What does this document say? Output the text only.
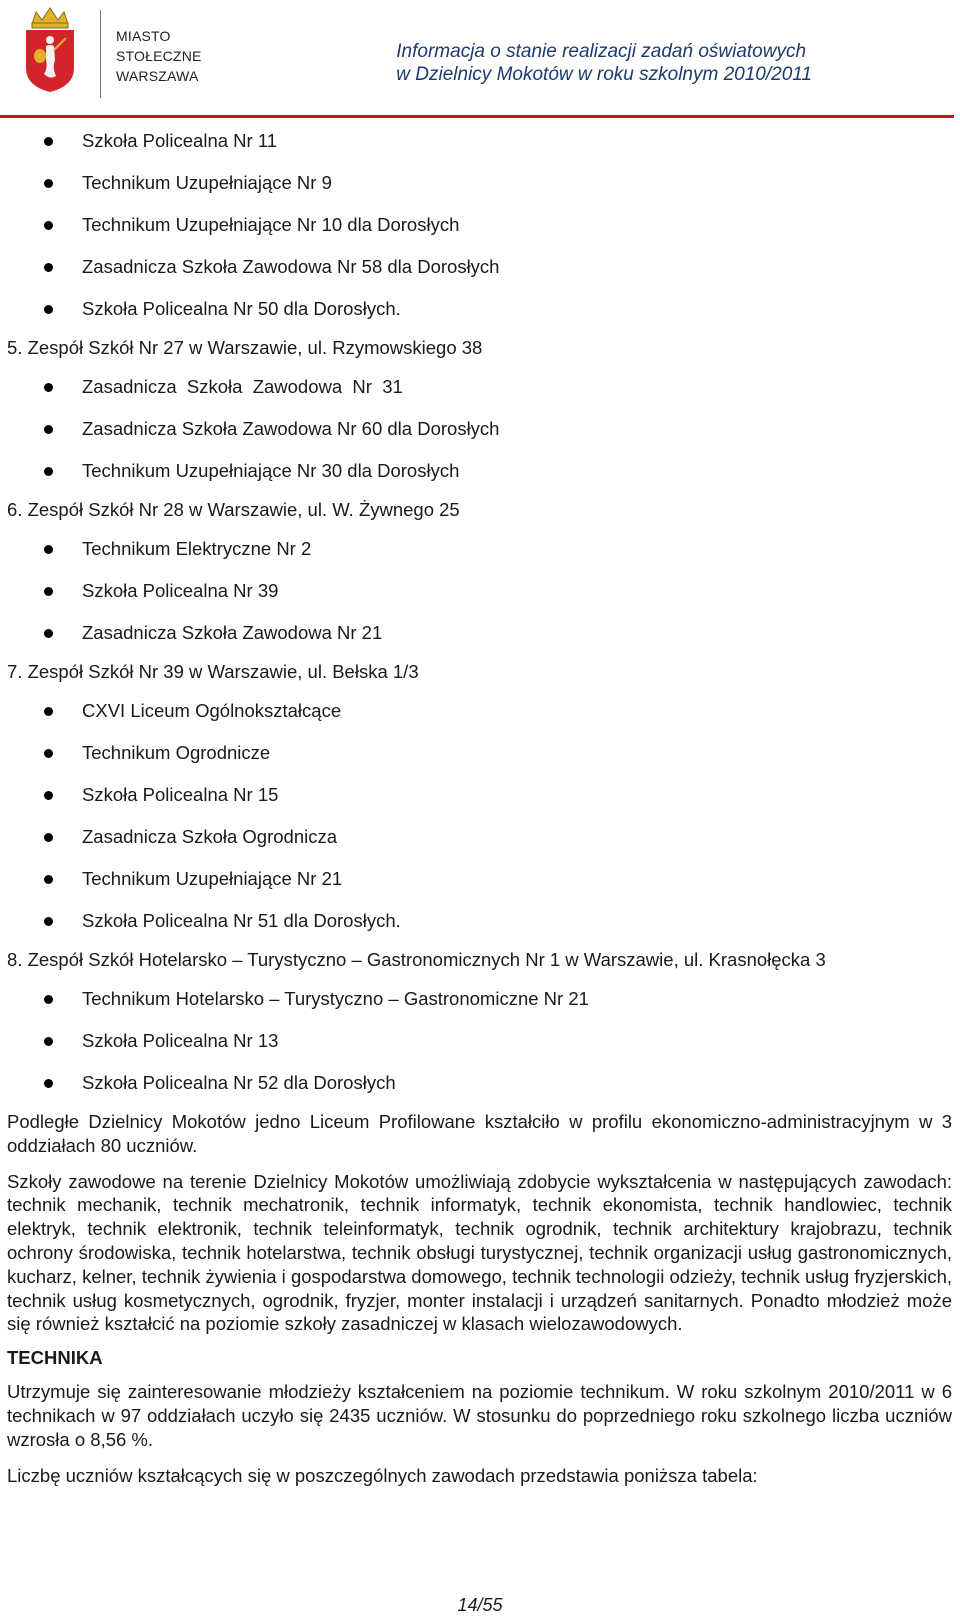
MIASTO
STOŁECZNE
WARSZAWA
Informacja o stanie realizacji zadań oświatowych
w Dzielnicy Mokotów w roku szkolnym 2010/2011
Szkoła Policealna Nr 11
Technikum Uzupełniające Nr 9
Technikum Uzupełniające Nr 10 dla Dorosłych
Zasadnicza Szkoła Zawodowa Nr 58 dla Dorosłych
Szkoła Policealna Nr 50 dla Dorosłych.
5. Zespół Szkół Nr 27 w Warszawie, ul. Rzymowskiego 38
Zasadnicza  Szkoła  Zawodowa  Nr  31
Zasadnicza Szkoła Zawodowa Nr 60 dla Dorosłych
Technikum Uzupełniające Nr 30 dla Dorosłych
6. Zespół Szkół Nr 28 w Warszawie, ul. W. Żywnego 25
Technikum Elektryczne Nr 2
Szkoła Policealna Nr 39
Zasadnicza Szkoła Zawodowa Nr 21
7. Zespół Szkół Nr 39 w Warszawie, ul. Bełska 1/3
CXVI Liceum Ogólnokształcące
Technikum Ogrodnicze
Szkoła Policealna Nr 15
Zasadnicza Szkoła Ogrodnicza
Technikum Uzupełniające Nr 21
Szkoła Policealna Nr 51 dla Dorosłych.
8. Zespół Szkół Hotelarsko – Turystyczno – Gastronomicznych Nr 1 w Warszawie, ul. Krasnołęcka 3
Technikum Hotelarsko – Turystyczno – Gastronomiczne Nr 21
Szkoła Policealna Nr 13
Szkoła Policealna Nr 52 dla Dorosłych

Podległe Dzielnicy Mokotów jedno Liceum Profilowane kształciło w profilu ekonomiczno-administracyjnym w 3 oddziałach 80 uczniów.

Szkoły zawodowe na terenie Dzielnicy Mokotów umożliwiają zdobycie wykształcenia w następujących zawodach: technik mechanik, technik mechatronik, technik informatyk, technik ekonomista, technik handlowiec, technik elektryk, technik elektronik, technik teleinformatyk, technik ogrodnik, technik architektury krajobrazu, technik ochrony środowiska, technik hotelarstwa, technik obsługi turystycznej, technik organizacji usług gastronomicznych, kucharz, kelner, technik żywienia i gospodarstwa domowego, technik technologii odzieży, technik usług fryzjerskich, technik usług kosmetycznych, ogrodnik, fryzjer, monter instalacji i urządzeń sanitarnych. Ponadto młodzież może się również kształcić na poziomie szkoły zasadniczej w klasach wielozawodowych.

TECHNIKA

Utrzymuje się zainteresowanie młodzieży kształceniem na poziomie technikum. W roku szkolnym 2010/2011 w 6 technikach w 97 oddziałach uczyło się 2435 uczniów. W stosunku do poprzedniego roku szkolnego liczba uczniów wzrosła o 8,56 %.

Liczbę uczniów kształcących się w poszczególnych zawodach przedstawia poniższa tabela:

14/55
